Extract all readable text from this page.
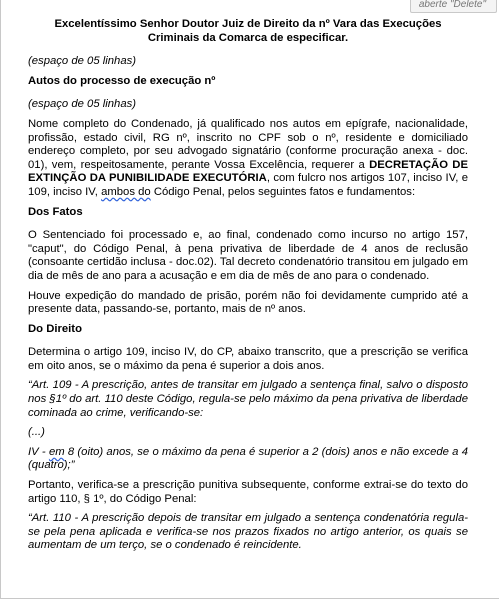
aberte "Delete"
Excelentíssimo Senhor Doutor Juiz de Direito da nº Vara das Execuções Criminais da Comarca de especificar.

(espaço de 05 linhas)

Autos do processo de execução nº

(espaço de 05 linhas)

Nome completo do Condenado, já qualificado nos autos em epígrafe, nacionalidade, profissão, estado civil, RG nº, inscrito no CPF sob o nº, residente e domiciliado endereço completo, por seu advogado signatário (conforme procuração anexa - doc. 01), vem, respeitosamente, perante Vossa Excelência, requerer a DECRETAÇÃO DE EXTINÇÃO DA PUNIBILIDADE EXECUTÓRIA, com fulcro nos artigos 107, inciso IV, e 109, inciso IV, ambos do Código Penal, pelos seguintes fatos e fundamentos:

Dos Fatos

O Sentenciado foi processado e, ao final, condenado como incurso no artigo 157, "caput", do Código Penal, à pena privativa de liberdade de 4 anos de reclusão (consoante certidão inclusa - doc.02). Tal decreto condenatório transitou em julgado em dia de mês de ano para a acusação e em dia de mês de ano para o condenado.

Houve expedição do mandado de prisão, porém não foi devidamente cumprido até a presente data, passando-se, portanto, mais de nº anos.

Do Direito

Determina o artigo 109, inciso IV, do CP, abaixo transcrito, que a prescrição se verifica em oito anos, se o máximo da pena é superior a dois anos.

“Art. 109 - A prescrição, antes de transitar em julgado a sentença final, salvo o disposto nos §1º do art. 110 deste Código, regula-se pelo máximo da pena privativa de liberdade cominada ao crime, verificando-se:

(...)

IV - em 8 (oito) anos, se o máximo da pena é superior a 2 (dois) anos e não excede a 4 (quatro);”

Portanto, verifica-se a prescrição punitiva subsequente, conforme extrai-se do texto do artigo 110, § 1º, do Código Penal:

“Art. 110 - A prescrição depois de transitar em julgado a sentença condenatória regula-se pela pena aplicada e verifica-se nos prazos fixados no artigo anterior, os quais se aumentam de um terço, se o condenado é reincidente.
